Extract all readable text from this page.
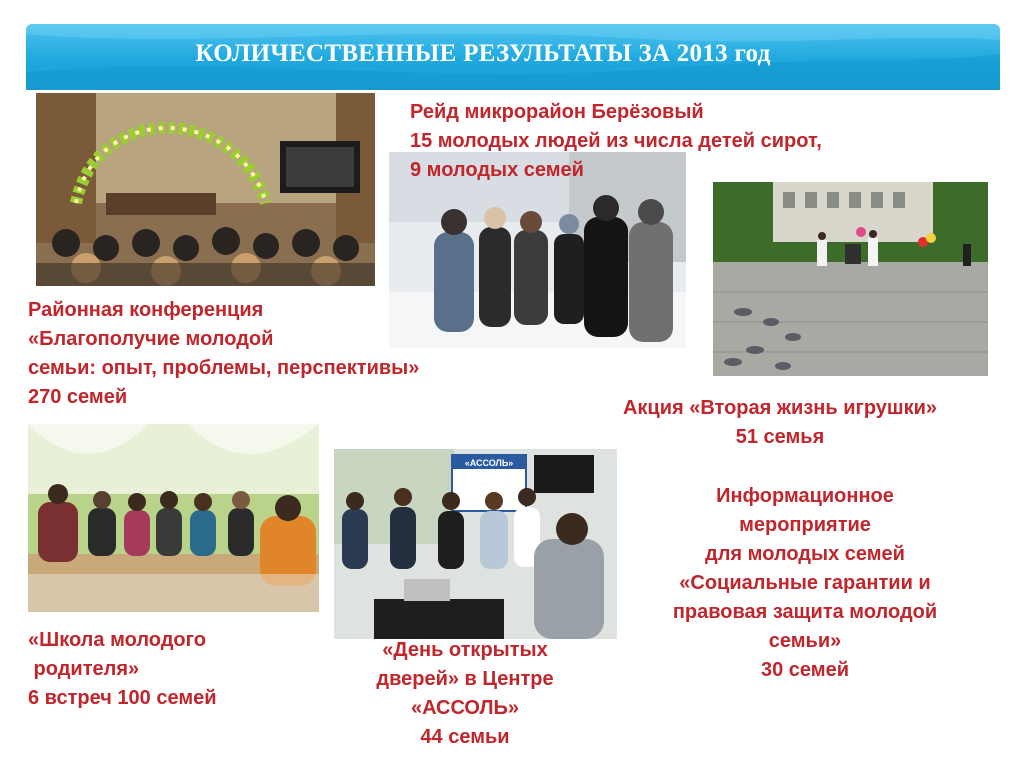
КОЛИЧЕСТВЕННЫЕ РЕЗУЛЬТАТЫ ЗА 2013 год
«АССОЛЬ»
Рейд микрорайон Берёзовый
15 молодых людей из числа детей сирот,
9 молодых семей
Районная конференция
«Благополучие молодой
семьи: опыт, проблемы, перспективы»
270 семей	Акция «Вторая жизнь игрушки»
51 семья
Информационное
мероприятие
для молодых семей
«Социальные гарантии и
правовая защита молодой
семьи»
30 семей
«Школа молодого
родителя»
6 встреч 100 семей
«День открытых
дверей» в Центре
«АССОЛЬ»
44 семьи
